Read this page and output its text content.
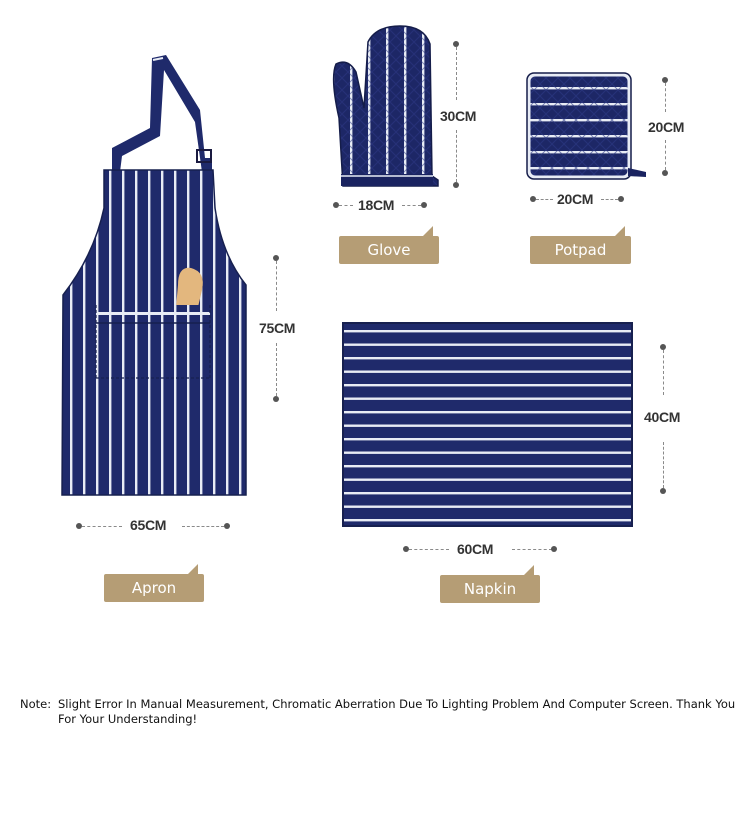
75CM
65CM
30CM
18CM
20CM
20CM
40CM
60CM
Glove	Potpad
Apron	Napkin
Note: Slight Error In Manual Measurement, Chromatic Aberration Due To Lighting Problem And Computer Screen. Thank You For Your Understanding!
